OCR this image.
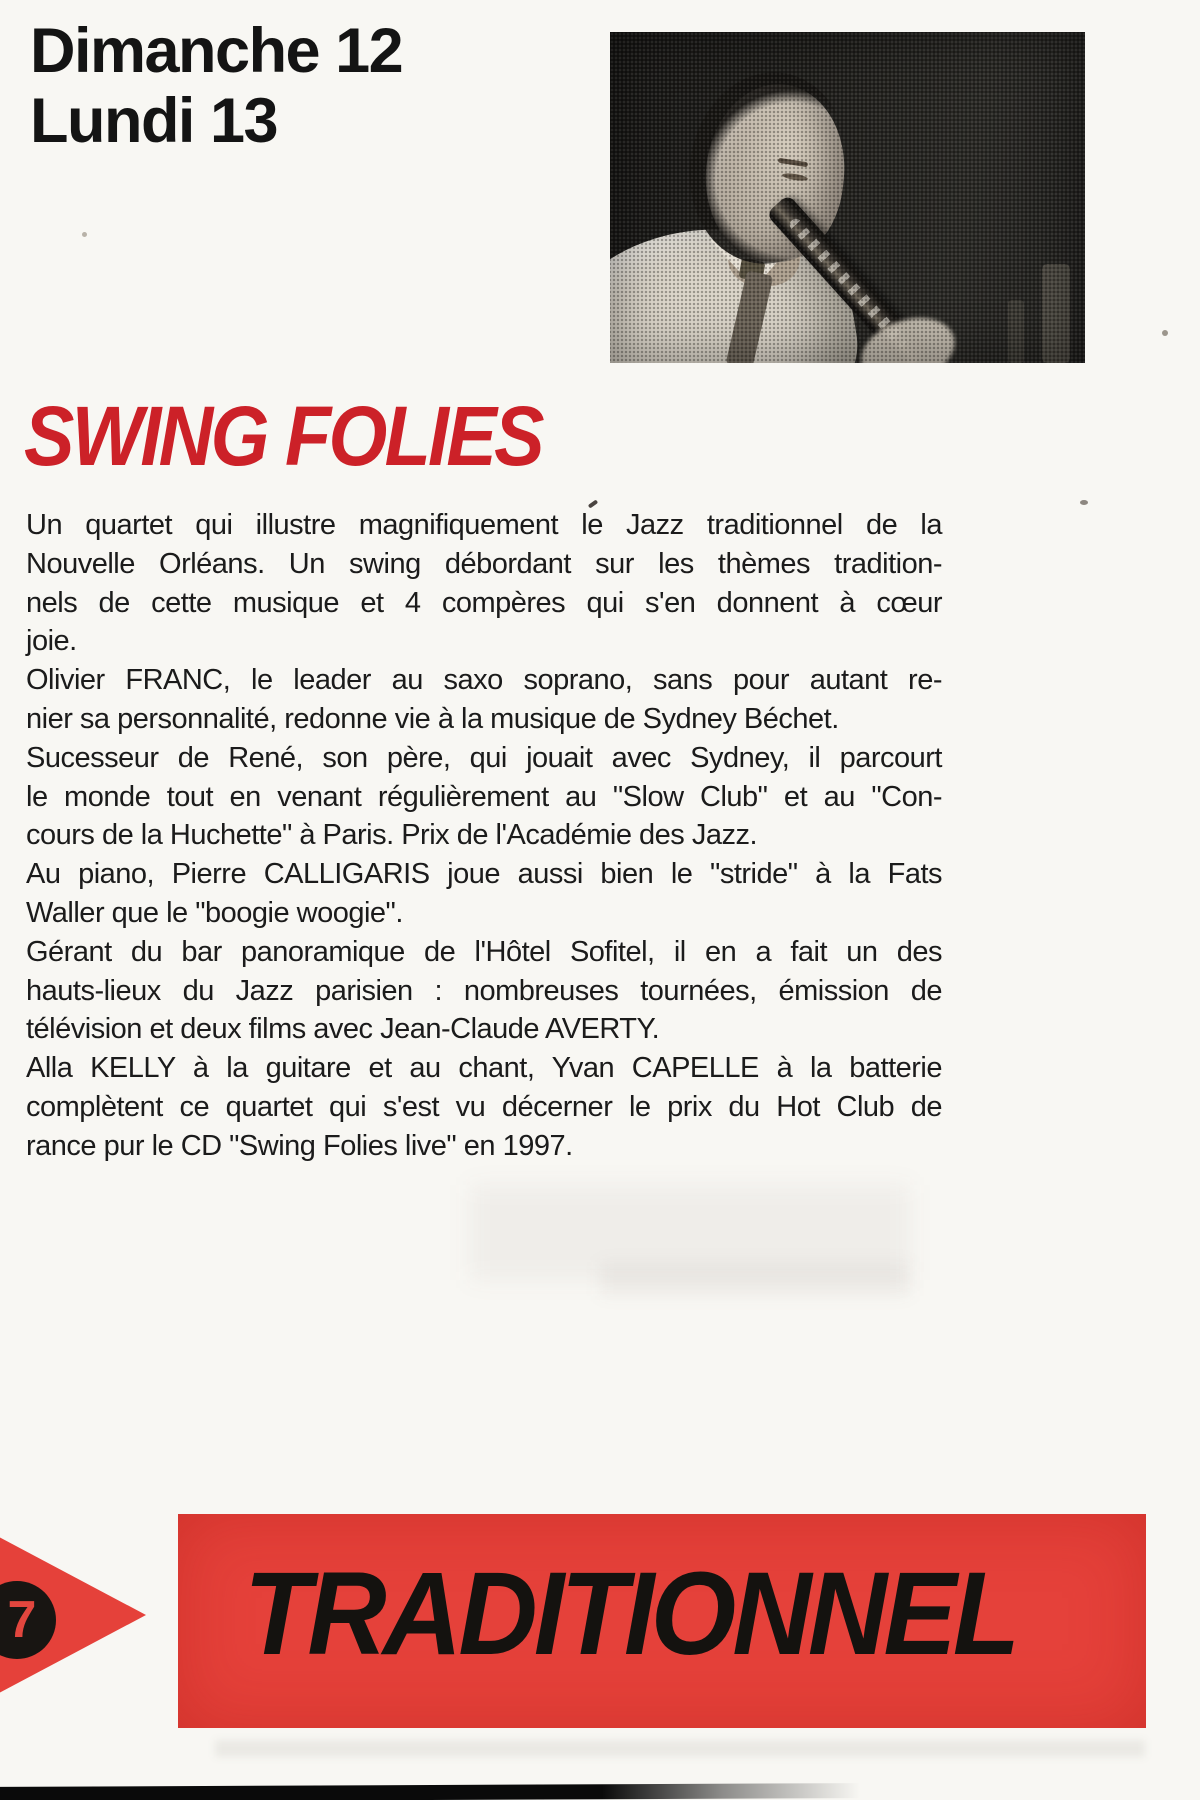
Dimanche 12
Lundi 13
SWING FOLIES
Un quartet qui illustre magnifiquement le Jazz traditionnel de la
Nouvelle Orléans. Un swing débordant sur les thèmes tradition-
nels de cette musique et 4 compères qui s'en donnent à cœur
joie.
Olivier FRANC, le leader au saxo soprano, sans pour autant re-
nier sa personnalité, redonne vie à la musique de Sydney Béchet.
Sucesseur de René, son père, qui jouait avec Sydney, il parcourt
le monde tout en venant régulièrement au "Slow Club" et au "Con-
cours de la Huchette" à Paris. Prix de l'Académie des Jazz.
Au piano, Pierre CALLIGARIS joue aussi bien le "stride" à la Fats
Waller que le "boogie woogie".
Gérant du bar panoramique de l'Hôtel Sofitel, il en a fait un des
hauts-lieux du Jazz parisien : nombreuses tournées, émission de
télévision et deux films avec Jean-Claude AVERTY.
Alla KELLY à la guitare et au chant, Yvan CAPELLE à la batterie
complètent ce quartet qui s'est vu décerner le prix du Hot Club de
rance pur le CD "Swing Folies live" en 1997.
TRADITIONNEL
7
